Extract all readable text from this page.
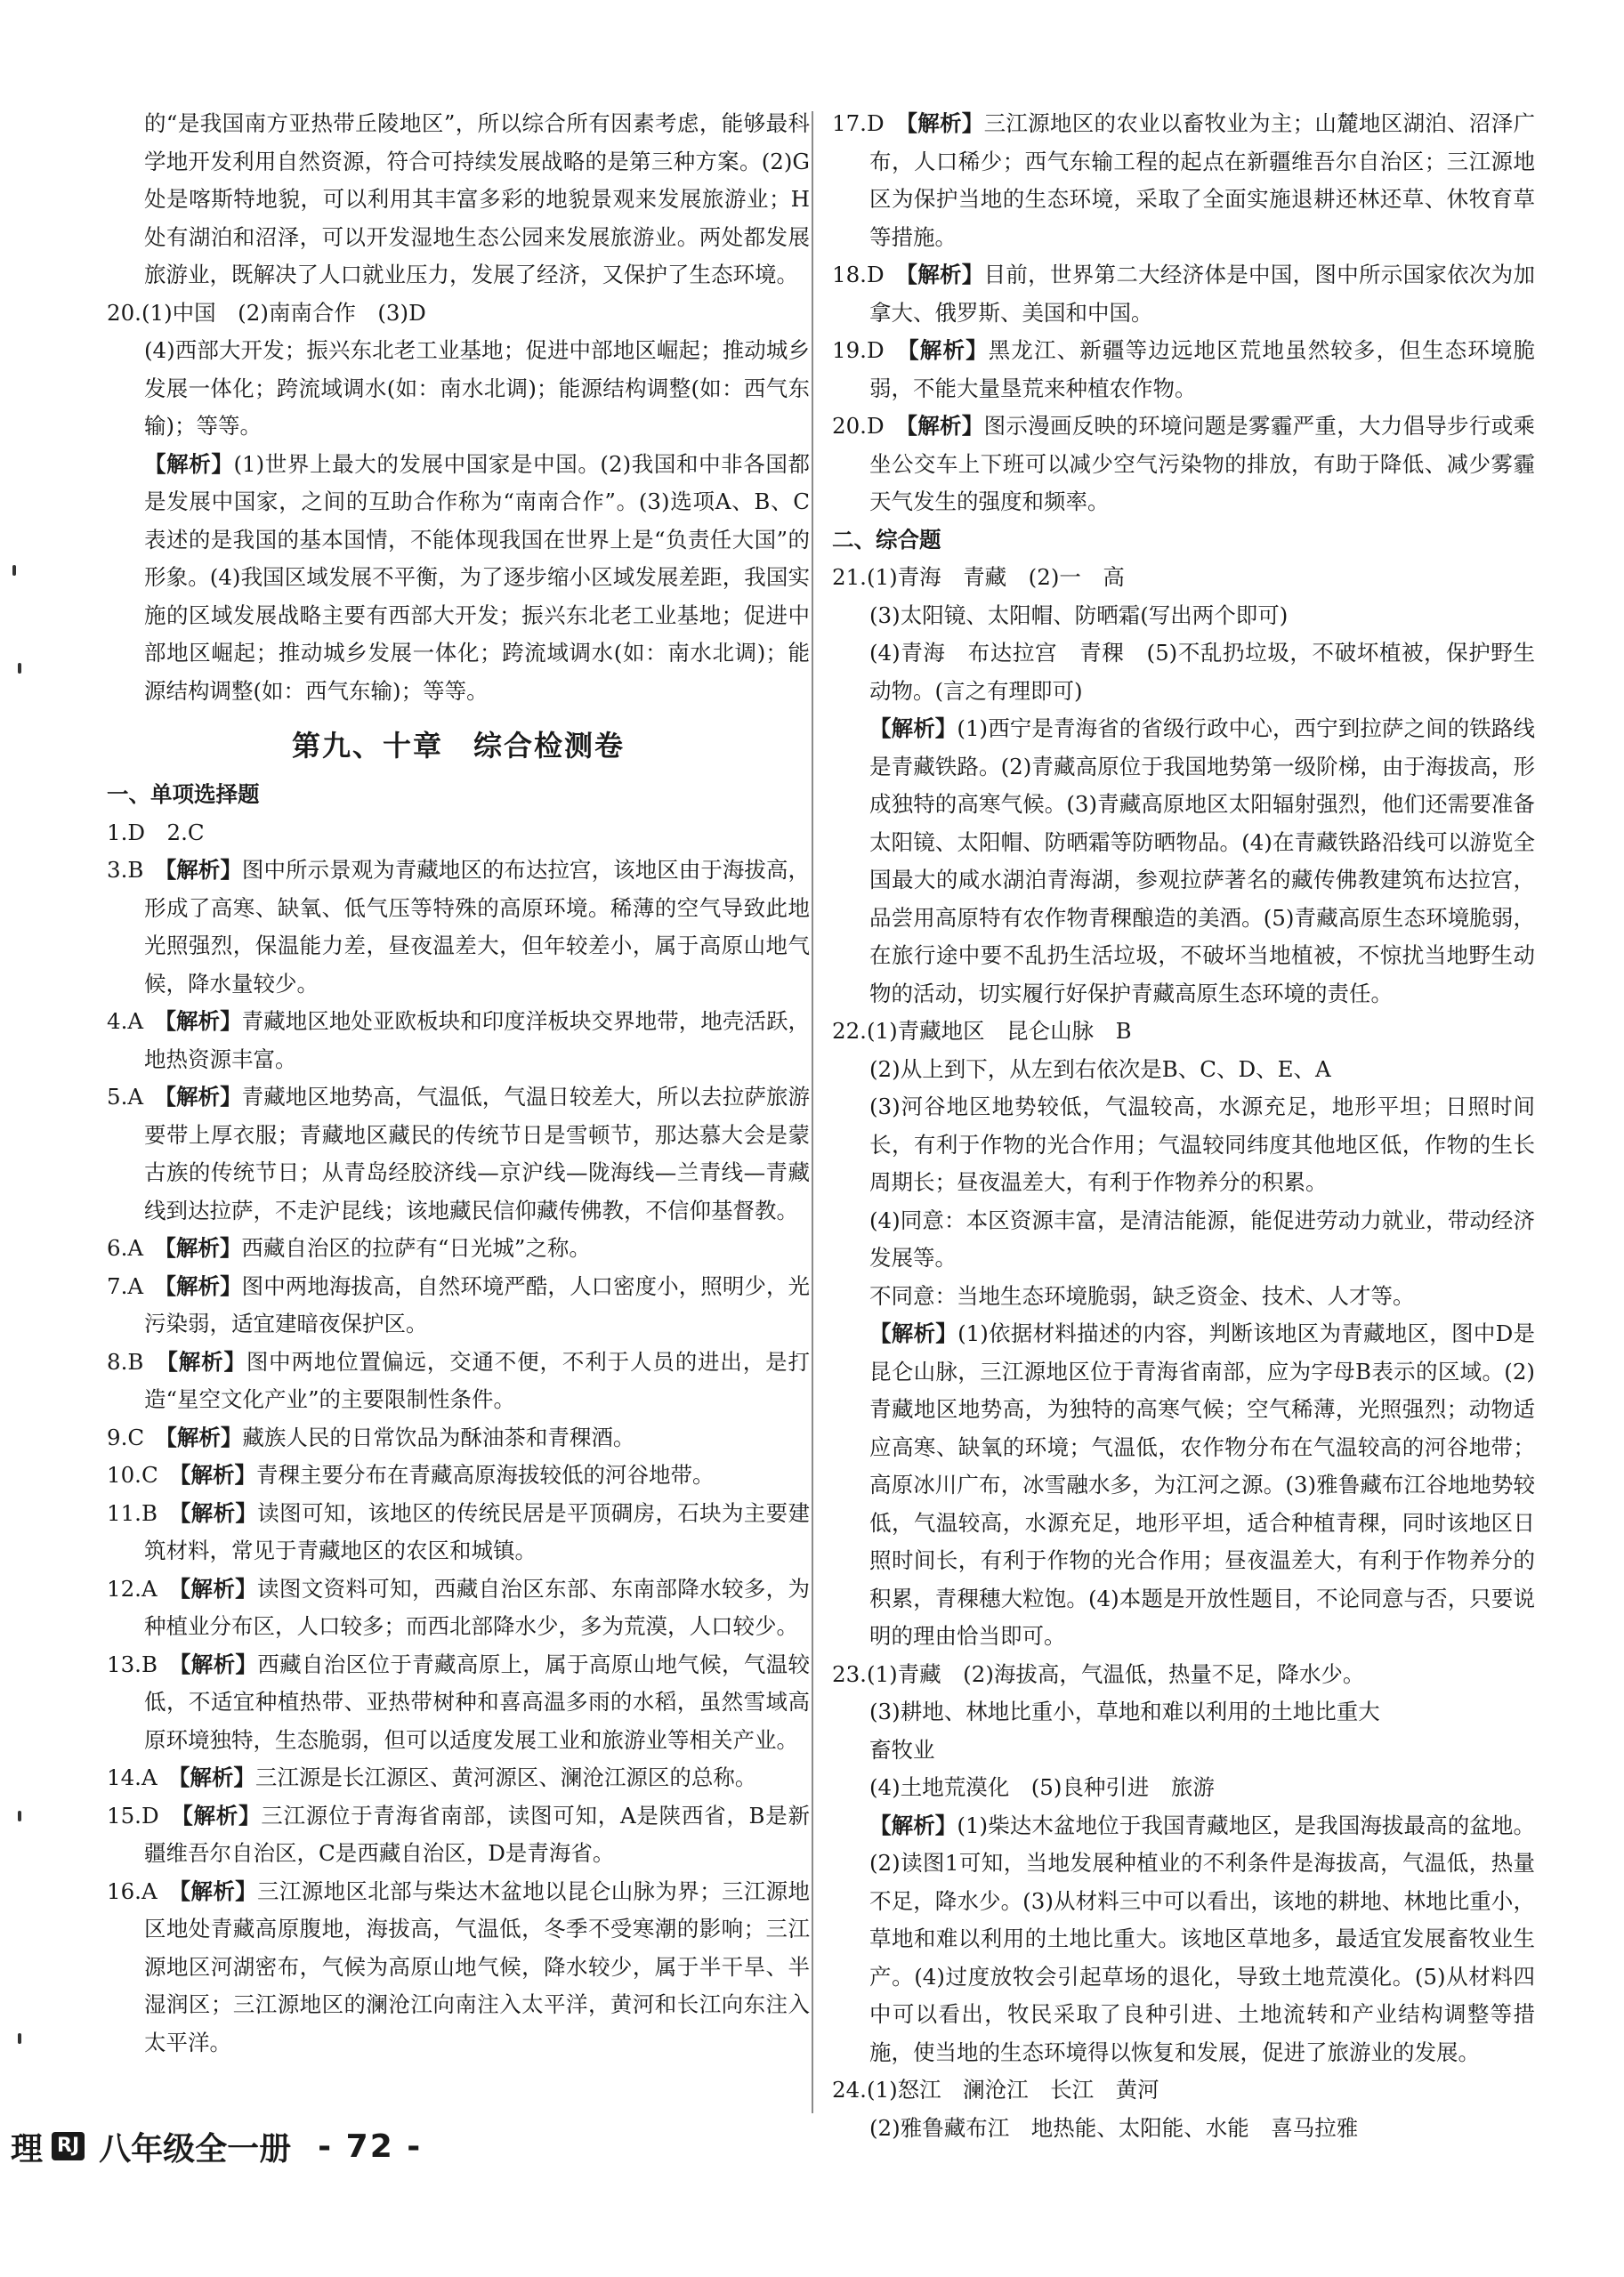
的“是我国南方亚热带丘陵地区”，所以综合所有因素考虑，能够最科学地开发利用自然资源，符合可持续发展战略的是第三种方案。(2)G处是喀斯特地貌，可以利用其丰富多彩的地貌景观来发展旅游业；H处有湖泊和沼泽，可以开发湿地生态公园来发展旅游业。两处都发展旅游业，既解决了人口就业压力，发展了经济，又保护了生态环境。

20.(1)中国　(2)南南合作　(3)D

(4)西部大开发；振兴东北老工业基地；促进中部地区崛起；推动城乡发展一体化；跨流域调水(如：南水北调)；能源结构调整(如：西气东输)；等等。

【解析】(1)世界上最大的发展中国家是中国。(2)我国和中非各国都是发展中国家，之间的互助合作称为“南南合作”。(3)选项A、B、C表述的是我国的基本国情，不能体现我国在世界上是“负责任大国”的形象。(4)我国区域发展不平衡，为了逐步缩小区域发展差距，我国实施的区域发展战略主要有西部大开发；振兴东北老工业基地；促进中部地区崛起；推动城乡发展一体化；跨流域调水(如：南水北调)；能源结构调整(如：西气东输)；等等。

第九、十章　综合检测卷

一、单项选择题

1.D　2.C

3.B　【解析】图中所示景观为青藏地区的布达拉宫，该地区由于海拔高，形成了高寒、缺氧、低气压等特殊的高原环境。稀薄的空气导致此地光照强烈，保温能力差，昼夜温差大，但年较差小，属于高原山地气候，降水量较少。

4.A　【解析】青藏地区地处亚欧板块和印度洋板块交界地带，地壳活跃，地热资源丰富。

5.A　【解析】青藏地区地势高，气温低，气温日较差大，所以去拉萨旅游要带上厚衣服；青藏地区藏民的传统节日是雪顿节，那达慕大会是蒙古族的传统节日；从青岛经胶济线—京沪线—陇海线—兰青线—青藏线到达拉萨，不走沪昆线；该地藏民信仰藏传佛教，不信仰基督教。

6.A　【解析】西藏自治区的拉萨有“日光城”之称。

7.A　【解析】图中两地海拔高，自然环境严酷，人口密度小，照明少，光污染弱，适宜建暗夜保护区。

8.B　【解析】图中两地位置偏远，交通不便，不利于人员的进出，是打造“星空文化产业”的主要限制性条件。

9.C　【解析】藏族人民的日常饮品为酥油茶和青稞酒。

10.C　【解析】青稞主要分布在青藏高原海拔较低的河谷地带。

11.B　【解析】读图可知，该地区的传统民居是平顶碉房，石块为主要建筑材料，常见于青藏地区的农区和城镇。

12.A　【解析】读图文资料可知，西藏自治区东部、东南部降水较多，为种植业分布区，人口较多；而西北部降水少，多为荒漠，人口较少。

13.B　【解析】西藏自治区位于青藏高原上，属于高原山地气候，气温较低，不适宜种植热带、亚热带树种和喜高温多雨的水稻，虽然雪域高原环境独特，生态脆弱，但可以适度发展工业和旅游业等相关产业。

14.A　【解析】三江源是长江源区、黄河源区、澜沧江源区的总称。

15.D　【解析】三江源位于青海省南部，读图可知，A是陕西省，B是新疆维吾尔自治区，C是西藏自治区，D是青海省。

16.A　【解析】三江源地区北部与柴达木盆地以昆仑山脉为界；三江源地区地处青藏高原腹地，海拔高，气温低，冬季不受寒潮的影响；三江源地区河湖密布，气候为高原山地气候，降水较少，属于半干旱、半湿润区；三江源地区的澜沧江向南注入太平洋，黄河和长江向东注入太平洋。

17.D　【解析】三江源地区的农业以畜牧业为主；山麓地区湖泊、沼泽广布，人口稀少；西气东输工程的起点在新疆维吾尔自治区；三江源地区为保护当地的生态环境，采取了全面实施退耕还林还草、休牧育草等措施。

18.D　【解析】目前，世界第二大经济体是中国，图中所示国家依次为加拿大、俄罗斯、美国和中国。

19.D　【解析】黑龙江、新疆等边远地区荒地虽然较多，但生态环境脆弱，不能大量垦荒来种植农作物。

20.D　【解析】图示漫画反映的环境问题是雾霾严重，大力倡导步行或乘坐公交车上下班可以减少空气污染物的排放，有助于降低、减少雾霾天气发生的强度和频率。

二、综合题

21.(1)青海　青藏　(2)一　高

(3)太阳镜、太阳帽、防晒霜(写出两个即可)

(4)青海　布达拉宫　青稞　(5)不乱扔垃圾，不破坏植被，保护野生动物。(言之有理即可)

【解析】(1)西宁是青海省的省级行政中心，西宁到拉萨之间的铁路线是青藏铁路。(2)青藏高原位于我国地势第一级阶梯，由于海拔高，形成独特的高寒气候。(3)青藏高原地区太阳辐射强烈，他们还需要准备太阳镜、太阳帽、防晒霜等防晒物品。(4)在青藏铁路沿线可以游览全国最大的咸水湖泊青海湖，参观拉萨著名的藏传佛教建筑布达拉宫，品尝用高原特有农作物青稞酿造的美酒。(5)青藏高原生态环境脆弱，在旅行途中要不乱扔生活垃圾，不破坏当地植被，不惊扰当地野生动物的活动，切实履行好保护青藏高原生态环境的责任。

22.(1)青藏地区　昆仑山脉　B

(2)从上到下，从左到右依次是B、C、D、E、A

(3)河谷地区地势较低，气温较高，水源充足，地形平坦；日照时间长，有利于作物的光合作用；气温较同纬度其他地区低，作物的生长周期长；昼夜温差大，有利于作物养分的积累。

(4)同意：本区资源丰富，是清洁能源，能促进劳动力就业，带动经济发展等。

不同意：当地生态环境脆弱，缺乏资金、技术、人才等。

【解析】(1)依据材料描述的内容，判断该地区为青藏地区，图中D是昆仑山脉，三江源地区位于青海省南部，应为字母B表示的区域。(2)青藏地区地势高，为独特的高寒气候；空气稀薄，光照强烈；动物适应高寒、缺氧的环境；气温低，农作物分布在气温较高的河谷地带；高原冰川广布，冰雪融水多，为江河之源。(3)雅鲁藏布江谷地地势较低，气温较高，水源充足，地形平坦，适合种植青稞，同时该地区日照时间长，有利于作物的光合作用；昼夜温差大，有利于作物养分的积累，青稞穗大粒饱。(4)本题是开放性题目，不论同意与否，只要说明的理由恰当即可。

23.(1)青藏　(2)海拔高，气温低，热量不足，降水少。

(3)耕地、林地比重小，草地和难以利用的土地比重大

畜牧业

(4)土地荒漠化　(5)良种引进　旅游

【解析】(1)柴达木盆地位于我国青藏地区，是我国海拔最高的盆地。(2)读图1可知，当地发展种植业的不利条件是海拔高，气温低，热量不足，降水少。(3)从材料三中可以看出，该地的耕地、林地比重小，草地和难以利用的土地比重大。该地区草地多，最适宜发展畜牧业生产。(4)过度放牧会引起草场的退化，导致土地荒漠化。(5)从材料四中可以看出，牧民采取了良种引进、土地流转和产业结构调整等措施，使当地的生态环境得以恢复和发展，促进了旅游业的发展。

24.(1)怒江　澜沧江　长江　黄河

(2)雅鲁藏布江　地热能、太阳能、水能　喜马拉雅

理 RJ 八年级全一册 - 72 -
